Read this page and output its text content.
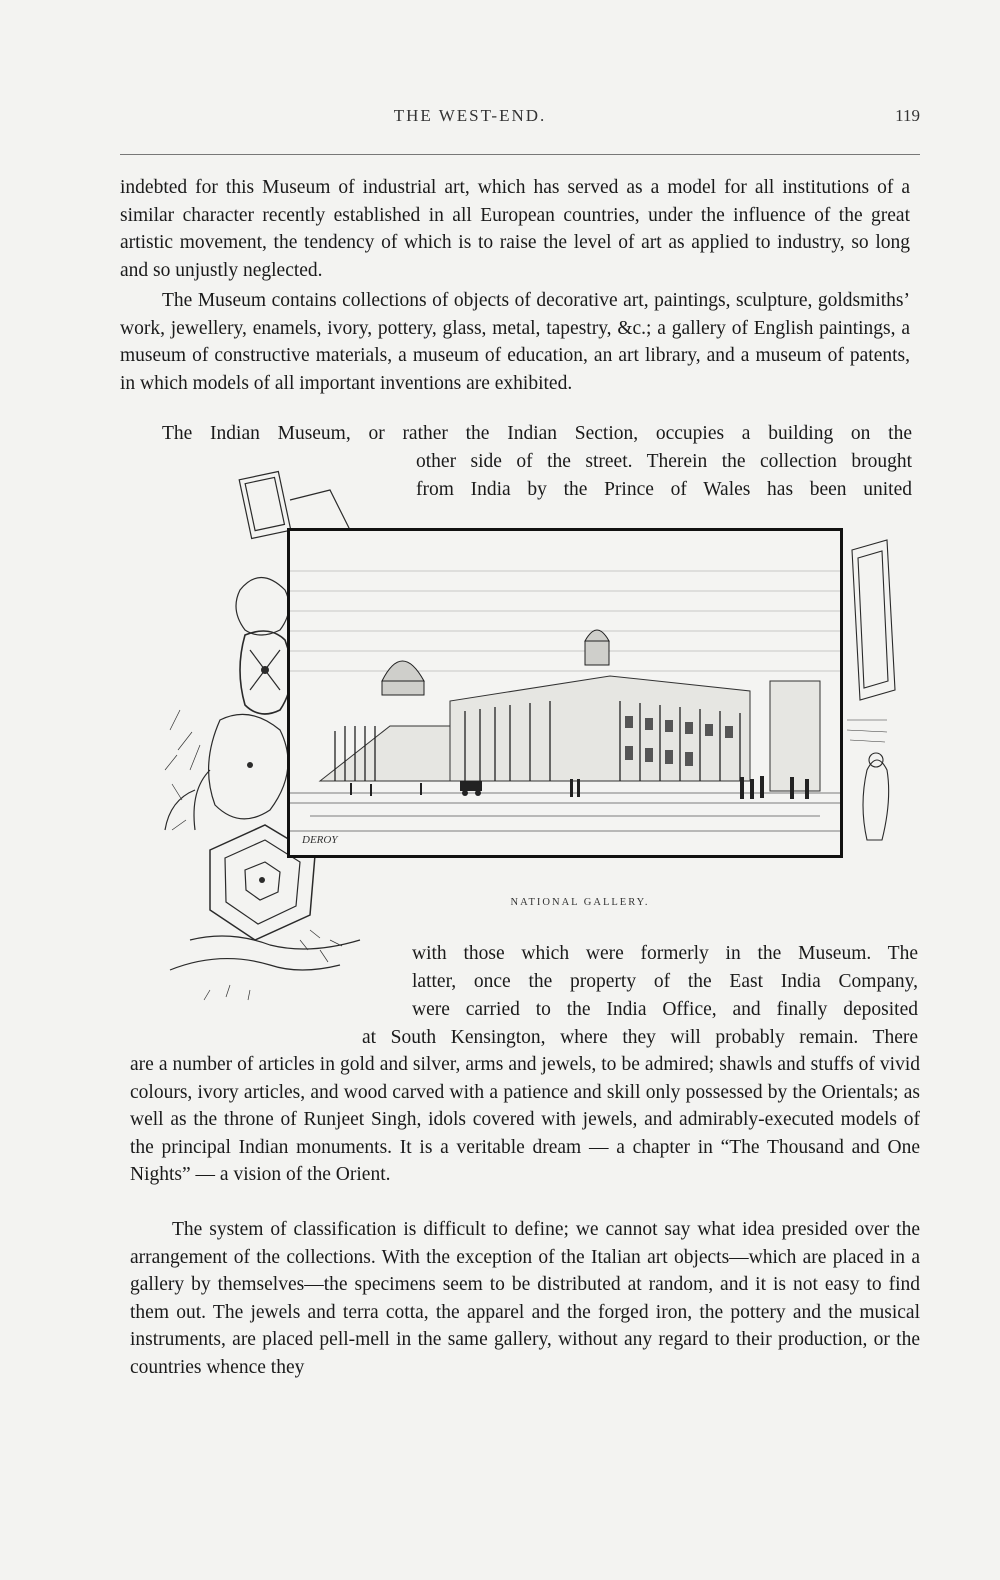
THE WEST-END.	119

indebted for this Museum of industrial art, which has served as a model for all institutions of a similar character recently established in all European countries, under the influence of the great artistic movement, the tendency of which is to raise the level of art as applied to industry, so long and so unjustly neglected.

The Museum contains collections of objects of decorative art, paintings, sculpture, goldsmiths’ work, jewellery, enamels, ivory, pottery, glass, metal, tapestry, &c.; a gallery of English paintings, a museum of constructive materials, a museum of education, an art library, and a museum of patents, in which models of all important inventions are exhibited.

The Indian Museum, or rather the Indian Section, occupies a building on the
other side of the street. Therein the collection brought
from India by the Prince of Wales has been united
DEROY
NATIONAL GALLERY.
with those which were formerly in the Museum. The
latter, once the property of the East India Company,
were carried to the India Office, and finally deposited
at South Kensington, where they will probably remain. There

are a number of articles in gold and silver, arms and jewels, to be admired; shawls and stuffs of vivid colours, ivory articles, and wood carved with a patience and skill only possessed by the Orientals; as well as the throne of Runjeet Singh, idols covered with jewels, and admirably-executed models of the principal Indian monuments. It is a veritable dream — a chapter in “The Thousand and One Nights” — a vision of the Orient.

The system of classification is difficult to define; we cannot say what idea presided over the arrangement of the collections. With the exception of the Italian art objects—which are placed in a gallery by themselves—the specimens seem to be distributed at random, and it is not easy to find them out. The jewels and terra cotta, the apparel and the forged iron, the pottery and the musical instruments, are placed pell-mell in the same gallery, without any regard to their production, or the countries whence they
